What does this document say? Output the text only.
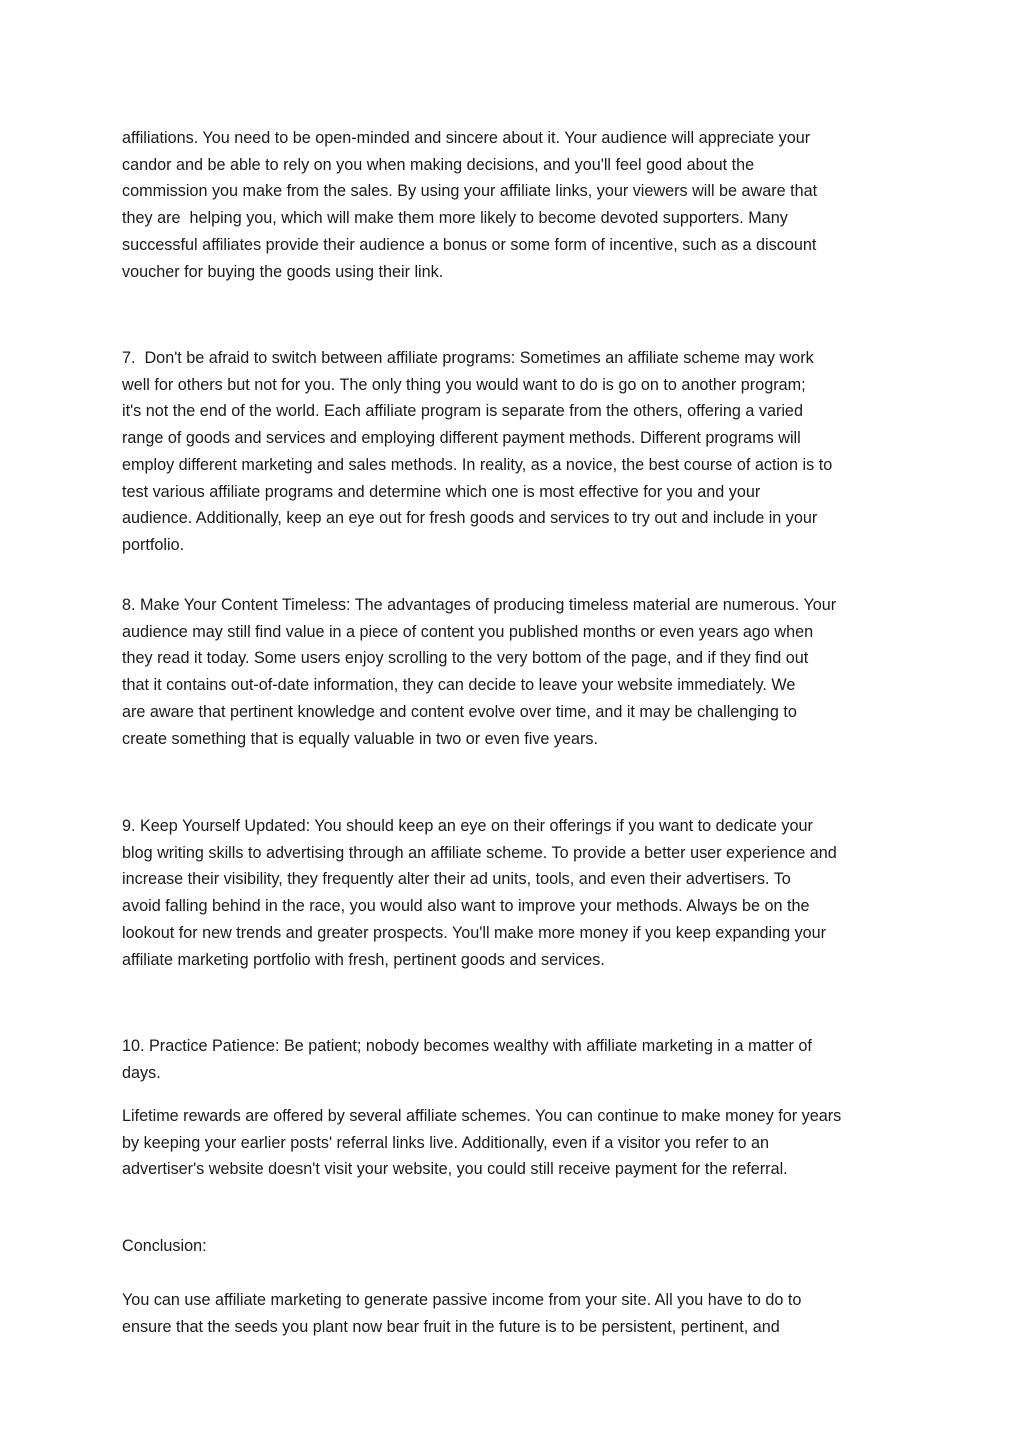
affiliations. You need to be open-minded and sincere about it. Your audience will appreciate your
candor and be able to rely on you when making decisions, and you'll feel good about the
commission you make from the sales. By using your affiliate links, your viewers will be aware that
they are  helping you, which will make them more likely to become devoted supporters. Many
successful affiliates provide their audience a bonus or some form of incentive, such as a discount
voucher for buying the goods using their link.

7.  Don't be afraid to switch between affiliate programs: Sometimes an affiliate scheme may work
well for others but not for you. The only thing you would want to do is go on to another program;
it's not the end of the world. Each affiliate program is separate from the others, offering a varied
range of goods and services and employing different payment methods. Different programs will
employ different marketing and sales methods. In reality, as a novice, the best course of action is to
test various affiliate programs and determine which one is most effective for you and your
audience. Additionally, keep an eye out for fresh goods and services to try out and include in your
portfolio.

8. Make Your Content Timeless: The advantages of producing timeless material are numerous. Your
audience may still find value in a piece of content you published months or even years ago when
they read it today. Some users enjoy scrolling to the very bottom of the page, and if they find out
that it contains out-of-date information, they can decide to leave your website immediately. We
are aware that pertinent knowledge and content evolve over time, and it may be challenging to
create something that is equally valuable in two or even five years.

9. Keep Yourself Updated: You should keep an eye on their offerings if you want to dedicate your
blog writing skills to advertising through an affiliate scheme. To provide a better user experience and
increase their visibility, they frequently alter their ad units, tools, and even their advertisers. To
avoid falling behind in the race, you would also want to improve your methods. Always be on the
lookout for new trends and greater prospects. You'll make more money if you keep expanding your
affiliate marketing portfolio with fresh, pertinent goods and services.

10. Practice Patience: Be patient; nobody becomes wealthy with affiliate marketing in a matter of
days.

Lifetime rewards are offered by several affiliate schemes. You can continue to make money for years
by keeping your earlier posts' referral links live. Additionally, even if a visitor you refer to an
advertiser's website doesn't visit your website, you could still receive payment for the referral.

Conclusion:

You can use affiliate marketing to generate passive income from your site. All you have to do to
ensure that the seeds you plant now bear fruit in the future is to be persistent, pertinent, and
